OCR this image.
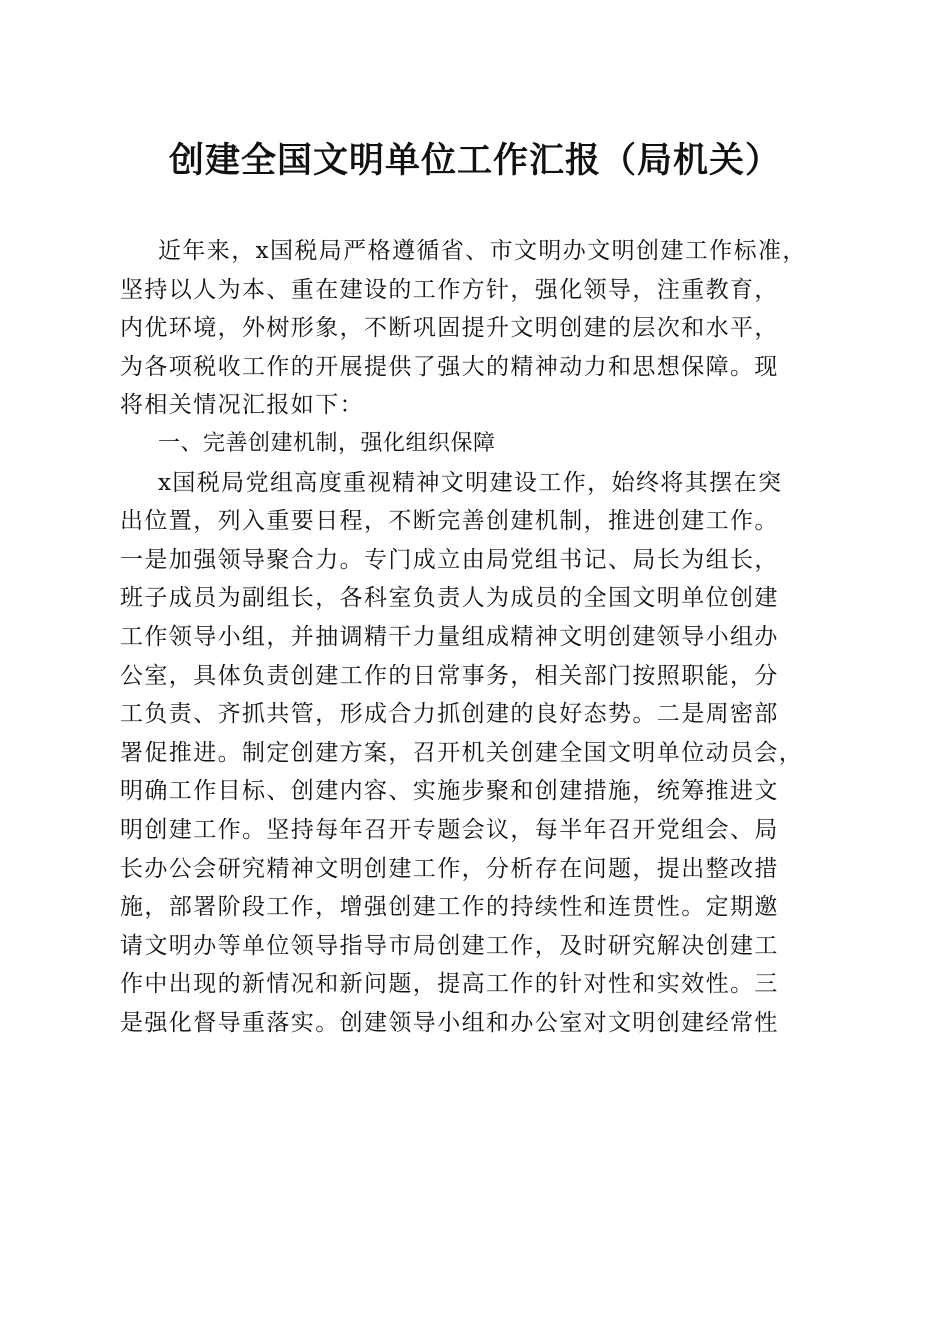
创建全国文明单位工作汇报（局机关）

近年来，x国税局严格遵循省、市文明办文明创建工作标准，

坚持以人为本、重在建设的工作方针，强化领导，注重教育，

内优环境，外树形象，不断巩固提升文明创建的层次和水平，

为各项税收工作的开展提供了强大的精神动力和思想保障。现

将相关情况汇报如下：

一、完善创建机制，强化组织保障

x国税局党组高度重视精神文明建设工作，始终将其摆在突

出位置，列入重要日程，不断完善创建机制，推进创建工作。

一是加强领导聚合力。专门成立由局党组书记、局长为组长，

班子成员为副组长，各科室负责人为成员的全国文明单位创建

工作领导小组，并抽调精干力量组成精神文明创建领导小组办

公室，具体负责创建工作的日常事务，相关部门按照职能，分

工负责、齐抓共管，形成合力抓创建的良好态势。二是周密部

署促推进。制定创建方案，召开机关创建全国文明单位动员会，

明确工作目标、创建内容、实施步聚和创建措施，统筹推进文

明创建工作。坚持每年召开专题会议，每半年召开党组会、局

长办公会研究精神文明创建工作，分析存在问题，提出整改措

施，部署阶段工作，增强创建工作的持续性和连贯性。定期邀

请文明办等单位领导指导市局创建工作，及时研究解决创建工

作中出现的新情况和新问题，提高工作的针对性和实效性。三

是强化督导重落实。创建领导小组和办公室对文明创建经常性
